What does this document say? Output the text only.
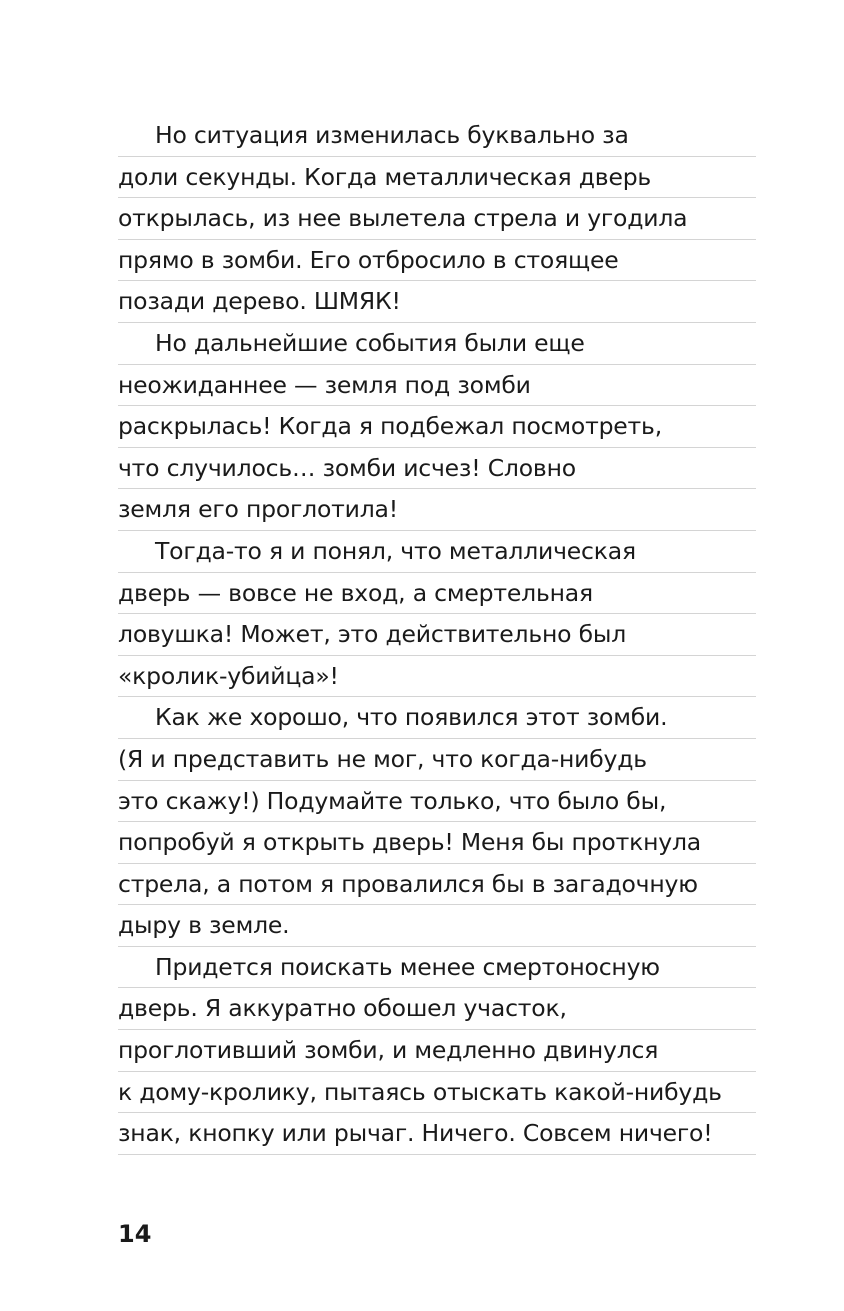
Но ситуация изменилась буквально за
доли секунды. Когда металлическая дверь
открылась, из нее вылетела стрела и угодила
прямо в зомби. Его отбросило в стоящее
позади дерево. ШМЯК!
Но дальнейшие события были еще
неожиданнее — земля под зомби
раскрылась! Когда я подбежал посмотреть,
что случилось… зомби исчез! Словно
земля его проглотила!
Тогда-то я и понял, что металлическая
дверь — вовсе не вход, а смертельная
ловушка! Может, это действительно был
«кролик-убийца»!
Как же хорошо, что появился этот зомби.
(Я и представить не мог, что когда-нибудь
это скажу!) Подумайте только, что было бы,
попробуй я открыть дверь! Меня бы проткнула
стрела, а потом я провалился бы в загадочную
дыру в земле.
Придется поискать менее смертоносную
дверь. Я аккуратно обошел участок,
проглотивший зомби, и медленно двинулся
к дому-кролику, пытаясь отыскать какой-нибудь
знак, кнопку или рычаг. Ничего. Совсем ничего!
14
